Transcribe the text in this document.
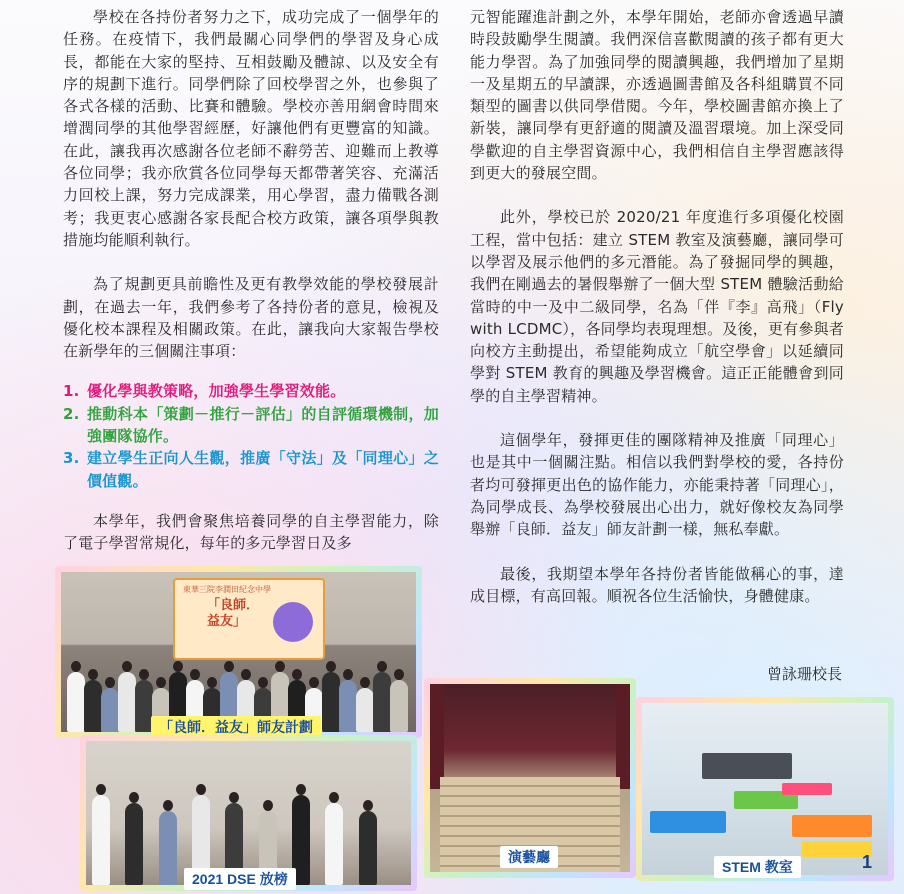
學校在各持份者努力之下，成功完成了一個學年的任務。在疫情下，我們最關心同學們的學習及身心成長，都能在大家的堅持、互相鼓勵及體諒、以及安全有序的規劃下進行。同學們除了回校學習之外，也參與了各式各樣的活動、比賽和體驗。學校亦善用網會時間來增潤同學的其他學習經歷，好讓他們有更豐富的知識。在此，讓我再次感謝各位老師不辭勞苦、迎難而上教導各位同學；我亦欣賞各位同學每天都帶著笑容、充滿活力回校上課，努力完成課業，用心學習，盡力備戰各測考；我更衷心感謝各家長配合校方政策，讓各項學與教措施均能順利執行。

為了規劃更具前瞻性及更有教學效能的學校發展計劃，在過去一年，我們參考了各持份者的意見，檢視及優化校本課程及相關政策。在此，讓我向大家報告學校在新學年的三個關注事項：

1. 優化學與教策略，加強學生學習效能。
2. 推動科本「策劃－推行－評估」的自評循環機制，加強團隊協作。
3. 建立學生正向人生觀，推廣「守法」及「同理心」之價值觀。

本學年，我們會聚焦培養同學的自主學習能力，除了電子學習常規化，每年的多元學習日及多

元智能躍進計劃之外，本學年開始，老師亦會透過早讀時段鼓勵學生閱讀。我們深信喜歡閱讀的孩子都有更大能力學習。為了加強同學的閱讀興趣，我們增加了星期一及星期五的早讀課，亦透過圖書館及各科組購買不同類型的圖書以供同學借閱。今年，學校圖書館亦換上了新裝，讓同學有更舒適的閱讀及溫習環境。加上深受同學歡迎的自主學習資源中心，我們相信自主學習應該得到更大的發展空間。

此外，學校已於 2020/21 年度進行多項優化校園工程，當中包括：建立 STEM 教室及演藝廳，讓同學可以學習及展示他們的多元潛能。為了發掘同學的興趣，我們在剛過去的暑假舉辦了一個大型 STEM 體驗活動給當時的中一及中二級同學，名為「伴『李』高飛」（Fly with LCDMC），各同學均表現理想。及後，更有參與者向校方主動提出，希望能夠成立「航空學會」以延續同學對 STEM 教育的興趣及學習機會。這正正能體會到同學的自主學習精神。

這個學年，發揮更佳的團隊精神及推廣「同理心」也是其中一個關注點。相信以我們對學校的愛，各持份者均可發揮更出色的協作能力，亦能秉持著「同理心」，為同學成長、為學校發展出心出力，就好像校友為同學舉辦「良師．益友」師友計劃一樣，無私奉獻。

最後，我期望本學年各持份者皆能做稱心的事，達成目標，有高回報。順祝各位生活愉快，身體健康。

曾詠珊校長
東華三院李潤田紀念中學
「良師．
益友」
「良師．益友」師友計劃
2021 DSE 放榜
演藝廳
STEM 教室	1
